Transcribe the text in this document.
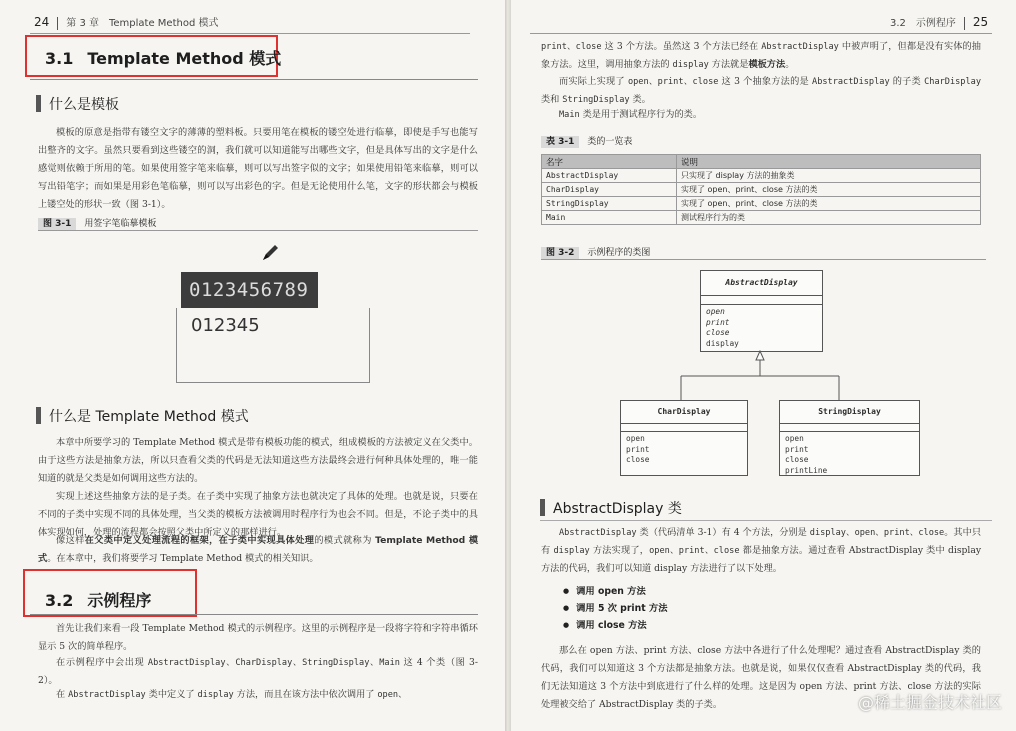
24 第 3 章　Template Method 模式
3.1 Template Method 模式
什么是模板
模板的原意是指带有镂空文字的薄薄的塑料板。只要用笔在模板的镂空处进行临摹，即使是手写也能写出整齐的文字。虽然只要看到这些镂空的洞，我们就可以知道能写出哪些文字，但是具体写出的文字是什么感觉则依赖于所用的笔。如果使用签字笔来临摹，则可以写出签字似的文字；如果使用铅笔来临摹，则可以写出铅笔字；而如果是用彩色笔临摹，则可以写出彩色的字。但是无论使用什么笔，文字的形状都会与模板上镂空处的形状一致（图 3-1）。
图 3-1 用签字笔临摹模板
0123456789
012345
什么是 Template Method 模式
本章中所要学习的 Template Method 模式是带有模板功能的模式，组成模板的方法被定义在父类中。由于这些方法是抽象方法，所以只查看父类的代码是无法知道这些方法最终会进行何种具体处理的，唯一能知道的就是父类是如何调用这些方法的。
实现上述这些抽象方法的是子类。在子类中实现了抽象方法也就决定了具体的处理。也就是说，只要在不同的子类中实现不同的具体处理，当父类的模板方法被调用时程序行为也会不同。但是，不论子类中的具体实现如何，处理的流程都会按照父类中所定义的那样进行。
像这样在父类中定义处理流程的框架，在子类中实现具体处理的模式就称为 Template Method 模式。在本章中，我们将要学习 Template Method 模式的相关知识。
3.2 示例程序
首先让我们来看一段 Template Method 模式的示例程序。这里的示例程序是一段将字符和字符串循环显示 5 次的简单程序。
在示例程序中会出现 AbstractDisplay、CharDisplay、StringDisplay、Main 这 4 个类（图 3-2）。
在 AbstractDisplay 类中定义了 display 方法，而且在该方法中依次调用了 open、
3.2　示例程序 25
print、close 这 3 个方法。虽然这 3 个方法已经在 AbstractDisplay 中被声明了，但都是没有实体的抽象方法。这里，调用抽象方法的 display 方法就是模板方法。
而实际上实现了 open、print、close 这 3 个抽象方法的是 AbstractDisplay 的子类 CharDisplay 类和 StringDisplay 类。
Main 类是用于测试程序行为的类。
表 3-1 类的一览表
名字	说明
AbstractDisplay	只实现了 display 方法的抽象类
CharDisplay	实现了 open、print、close 方法的类
StringDisplay	实现了 open、print、close 方法的类
Main	测试程序行为的类
图 3-2 示例程序的类图
AbstractDisplay
open
print
close
display
CharDisplay
open
print
close
StringDisplay
open
print
close
printLine
AbstractDisplay 类
AbstractDisplay 类（代码清单 3-1）有 4 个方法，分别是 display、open、print、close。其中只有 display 方法实现了，open、print、close 都是抽象方法。通过查看 AbstractDisplay 类中 display 方法的代码，我们可以知道 display 方法进行了以下处理。
● 调用 open 方法
● 调用 5 次 print 方法
● 调用 close 方法
那么在 open 方法、print 方法、close 方法中各进行了什么处理呢？通过查看 AbstractDisplay 类的代码，我们可以知道这 3 个方法都是抽象方法。也就是说，如果仅仅查看 AbstractDisplay 类的代码，我们无法知道这 3 个方法中到底进行了什么样的处理。这是因为 open 方法、print 方法、close 方法的实际处理被交给了 AbstractDisplay 类的子类。	@稀土掘金技术社区
